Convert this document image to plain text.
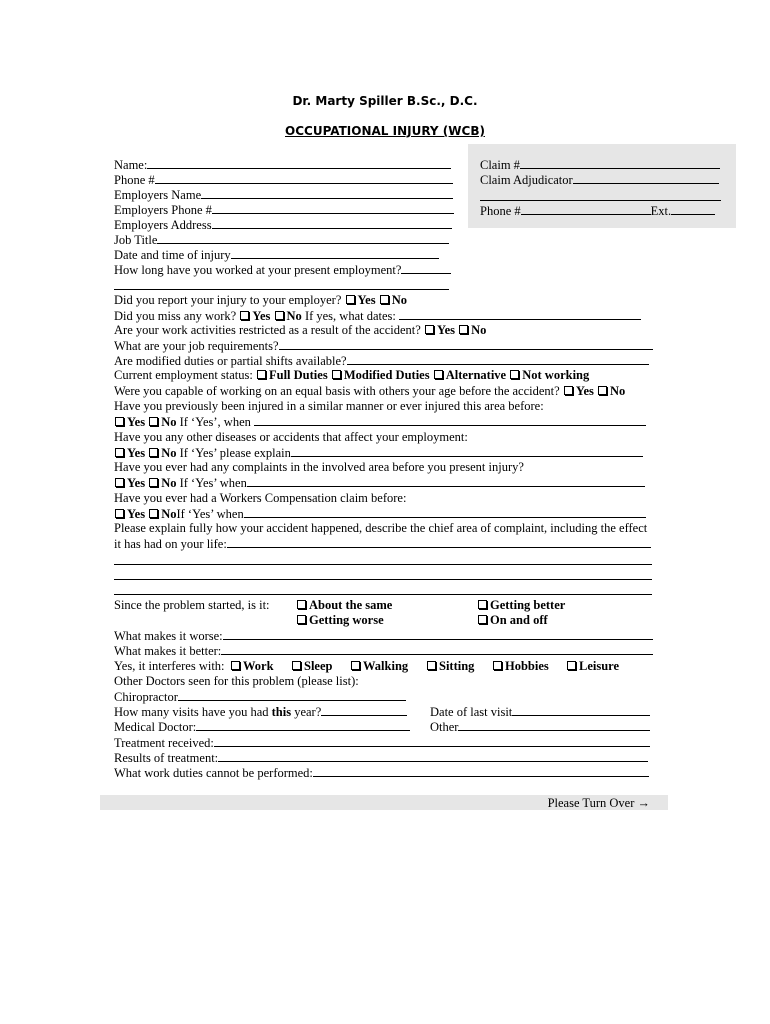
Dr. Marty Spiller B.Sc., D.C.
OCCUPATIONAL INJURY (WCB)
Claim #
Claim Adjudicator
Phone #	Ext.
Name:
Phone #
Employers Name
Employers Phone #
Employers Address
Job Title
Date and time of injury
How long have you worked at your present employment?
Did you report your injury to your employer? Yes No
Did you miss any work? Yes No If yes, what dates:
Are your work activities restricted as a result of the accident? Yes No
What are your job requirements?
Are modified duties or partial shifts available?
Current employment status: Full Duties Modified Duties Alternative Not working
Were you capable of working on an equal basis with others your age before the accident? Yes No
Have you previously been injured in a similar manner or ever injured this area before:
Yes No If ‘Yes’, when
Have you any other diseases or accidents that affect your employment:
Yes No If ‘Yes’ please explain
Have you ever had any complaints in the involved area before you present injury?
Yes No If ‘Yes’ when
Have you ever had a Workers Compensation claim before:
Yes NoIf ‘Yes’ when
Please explain fully how your accident happened, describe the chief area of complaint, including the effect
it has had on your life:
Since the problem started, is it:	About the same	Getting better
Getting worse	On and off
What makes it worse:
What makes it better:
Yes, it interferes with:	Work	Sleep	Walking	Sitting	Hobbies	Leisure
Other Doctors seen for this problem (please list):
Chiropractor
How many visits have you had this year?	Date of last visit
Medical Doctor:	Other
Treatment received:
Results of treatment:
What work duties cannot be performed:
Please Turn Over →
